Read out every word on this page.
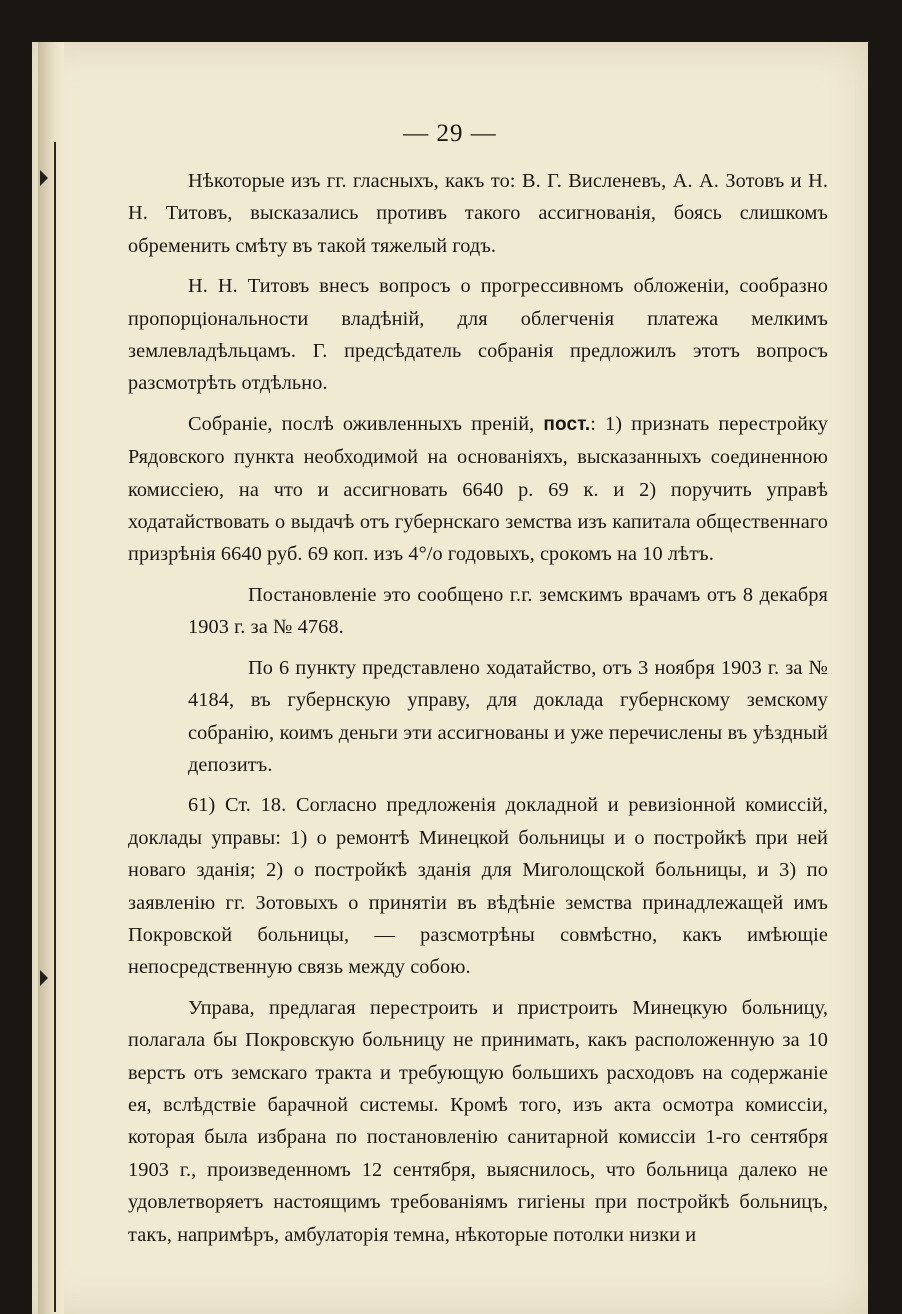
— 29 —

Нѣкоторые изъ гг. гласныхъ, какъ то: В. Г. Висленевъ, А. А. Зотовъ и Н. Н. Титовъ, высказались противъ такого ассигнованія, боясь слишкомъ обременить смѣту въ такой тяжелый годъ.

Н. Н. Титовъ внесъ вопросъ о прогрессивномъ обложеніи, сообразно пропорціональности владѣній, для облегченія платежа мелкимъ землевладѣльцамъ. Г. предсѣдатель собранія предложилъ этотъ вопросъ разсмотрѣть отдѣльно.

Собраніе, послѣ оживленныхъ преній, пост.: 1) признать перестройку Рядовского пункта необходимой на основаніяхъ, высказанныхъ соединенною комиссіею, на что и ассигновать 6640 р. 69 к. и 2) поручить управѣ ходатайствовать о выдачѣ отъ губернскаго земства изъ капитала общественнаго призрѣнія 6640 руб. 69 коп. изъ 4°/o годовыхъ, срокомъ на 10 лѣтъ.

Постановленіе это сообщено г.г. земскимъ врачамъ отъ 8 декабря 1903 г. за № 4768.

По 6 пункту представлено ходатайство, отъ 3 ноября 1903 г. за № 4184, въ губернскую управу, для доклада губернскому земскому собранію, коимъ деньги эти ассигнованы и уже перечислены въ уѣздный депозитъ.

61) Ст. 18. Согласно предложенія докладной и ревизіонной комиссій, доклады управы: 1) о ремонтѣ Минецкой больницы и о постройкѣ при ней новаго зданія; 2) о постройкѣ зданія для Миголощской больницы, и 3) по заявленію гг. Зотовыхъ о принятіи въ вѣдѣніе земства принадлежащей имъ Покровской больницы, — разсмотрѣны совмѣстно, какъ имѣющіе непосредственную связь между собою.

Управа, предлагая перестроить и пристроить Минецкую больницу, полагала бы Покровскую больницу не принимать, какъ расположенную за 10 верстъ отъ земскаго тракта и требующую большихъ расходовъ на содержаніе ея, вслѣдствіе барачной системы. Кромѣ того, изъ акта осмотра комиссіи, которая была избрана по постановленію санитарной комиссіи 1-го сентября 1903 г., произведенномъ 12 сентября, выяснилось, что больница далеко не удовлетворяетъ настоящимъ требованіямъ гигіены при постройкѣ больницъ, такъ, напримѣръ, амбулаторія темна, нѣкоторые потолки низки и
